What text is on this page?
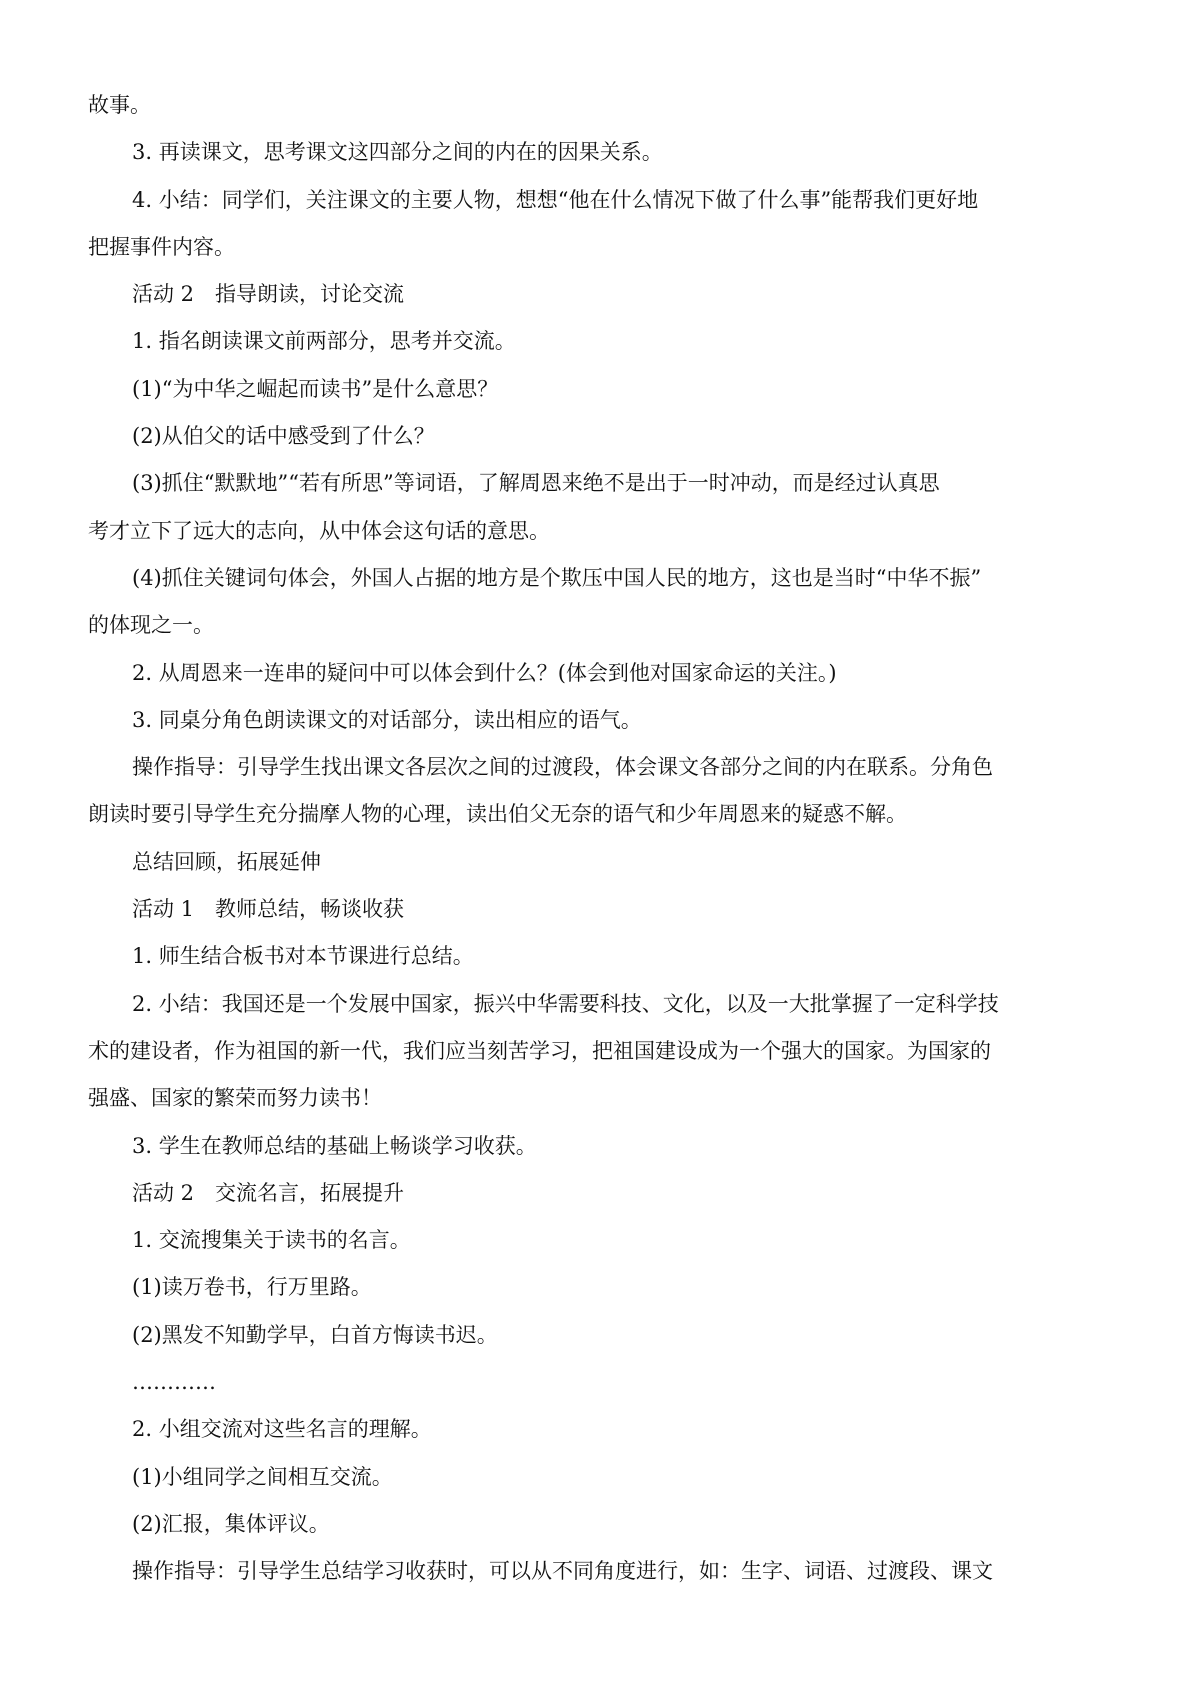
故事。
3. 再读课文，思考课文这四部分之间的内在的因果关系。
4. 小结：同学们，关注课文的主要人物，想想“他在什么情况下做了什么事”能帮我们更好地
把握事件内容。
活动 2　指导朗读，讨论交流
1. 指名朗读课文前两部分，思考并交流。
(1)“为中华之崛起而读书”是什么意思？
(2)从伯父的话中感受到了什么？
(3)抓住“默默地”“若有所思”等词语，了解周恩来绝不是出于一时冲动，而是经过认真思
考才立下了远大的志向，从中体会这句话的意思。
(4)抓住关键词句体会，外国人占据的地方是个欺压中国人民的地方，这也是当时“中华不振”
的体现之一。
2. 从周恩来一连串的疑问中可以体会到什么？(体会到他对国家命运的关注。)
3. 同桌分角色朗读课文的对话部分，读出相应的语气。
操作指导：引导学生找出课文各层次之间的过渡段，体会课文各部分之间的内在联系。分角色
朗读时要引导学生充分揣摩人物的心理，读出伯父无奈的语气和少年周恩来的疑惑不解。
总结回顾，拓展延伸
活动 1　教师总结，畅谈收获
1. 师生结合板书对本节课进行总结。
2. 小结：我国还是一个发展中国家，振兴中华需要科技、文化，以及一大批掌握了一定科学技
术的建设者，作为祖国的新一代，我们应当刻苦学习，把祖国建设成为一个强大的国家。为国家的
强盛、国家的繁荣而努力读书！
3. 学生在教师总结的基础上畅谈学习收获。
活动 2　交流名言，拓展提升
1. 交流搜集关于读书的名言。
(1)读万卷书，行万里路。
(2)黑发不知勤学早，白首方悔读书迟。
…………
2. 小组交流对这些名言的理解。
(1)小组同学之间相互交流。
(2)汇报，集体评议。
操作指导：引导学生总结学习收获时，可以从不同角度进行，如：生字、词语、过渡段、课文
